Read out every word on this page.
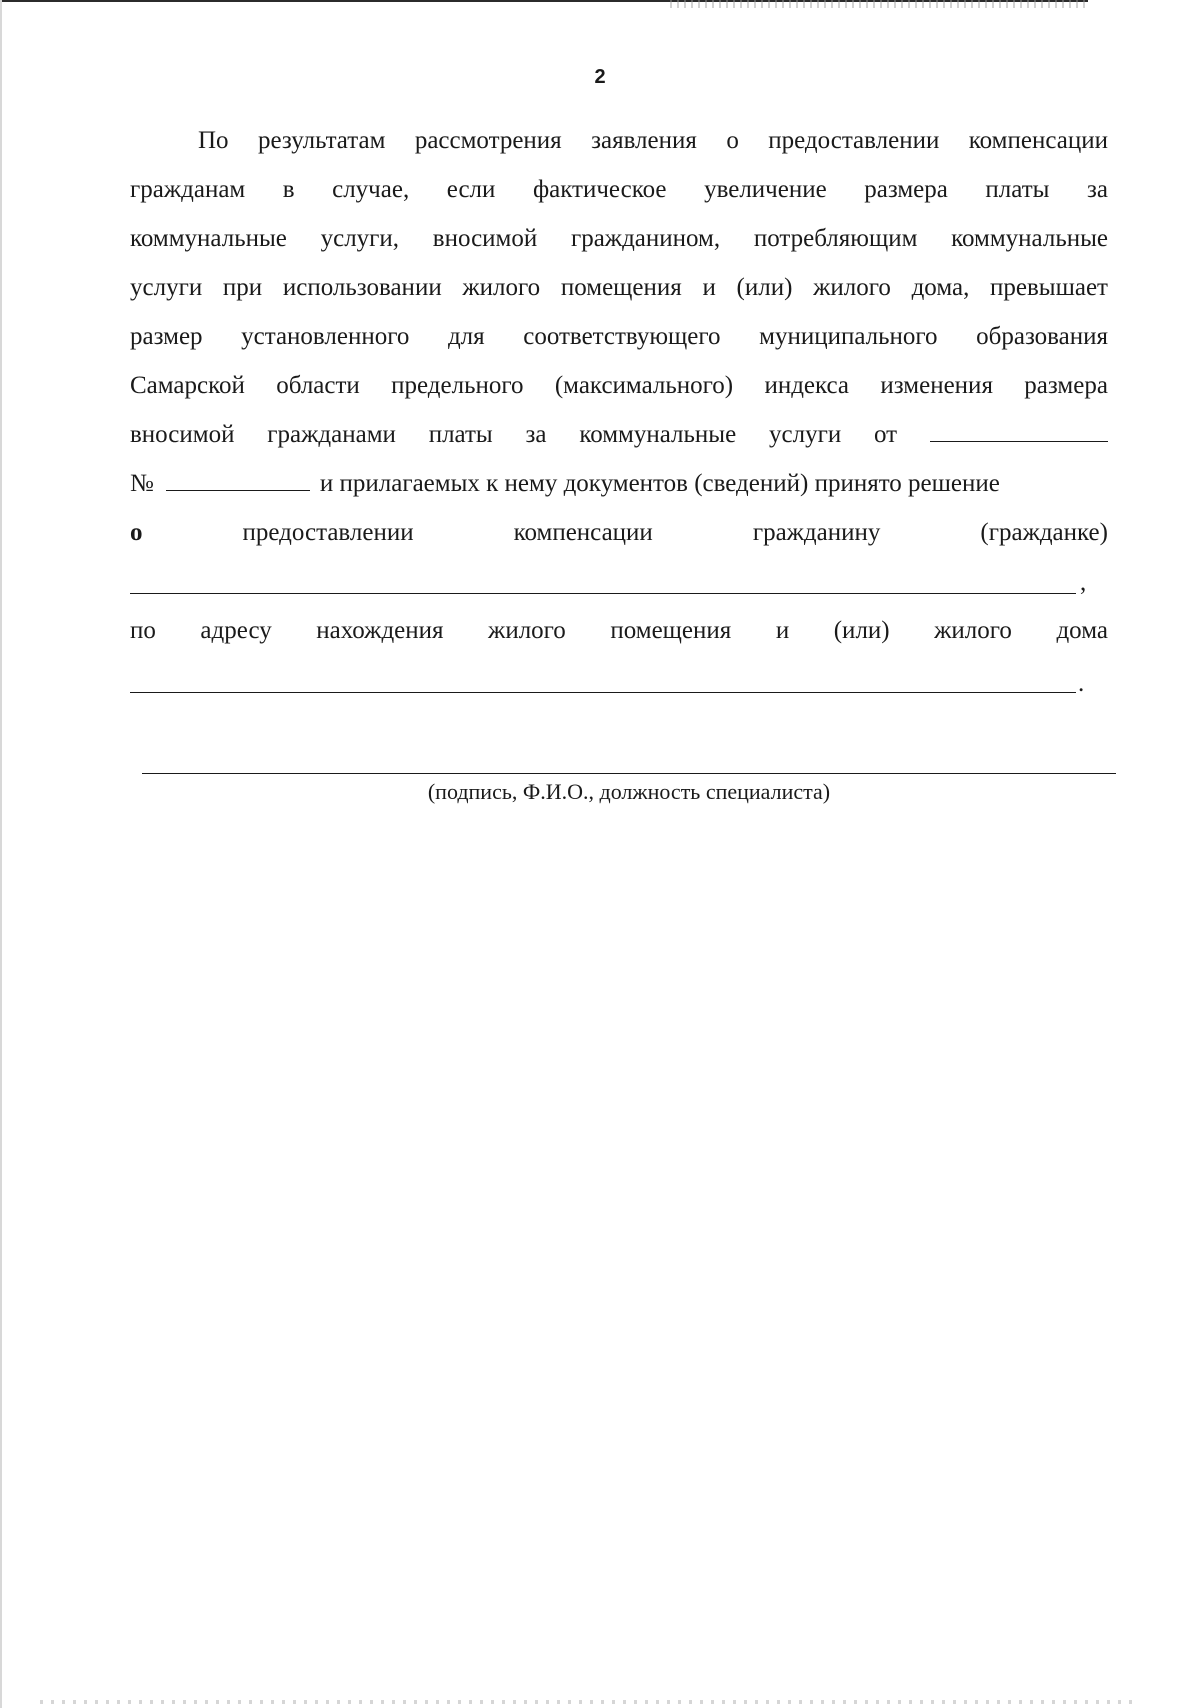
2
По результатам рассмотрения заявления о предоставлении компенсации
гражданам в случае, если фактическое увеличение размера платы за
коммунальные услуги, вносимой гражданином, потребляющим коммунальные
услуги при использовании жилого помещения и (или) жилого дома, превышает
размер установленного для соответствующего муниципального образования
Самарской области предельного (максимального) индекса изменения размера
вносимой гражданами платы за коммунальные услуги от
№	и прилагаемых к нему документов (сведений) принято решение
о	предоставлении	компенсации	гражданину	(гражданке)
,
по адресу нахождения жилого помещения и (или) жилого дома
.
(подпись, Ф.И.О., должность специалиста)
